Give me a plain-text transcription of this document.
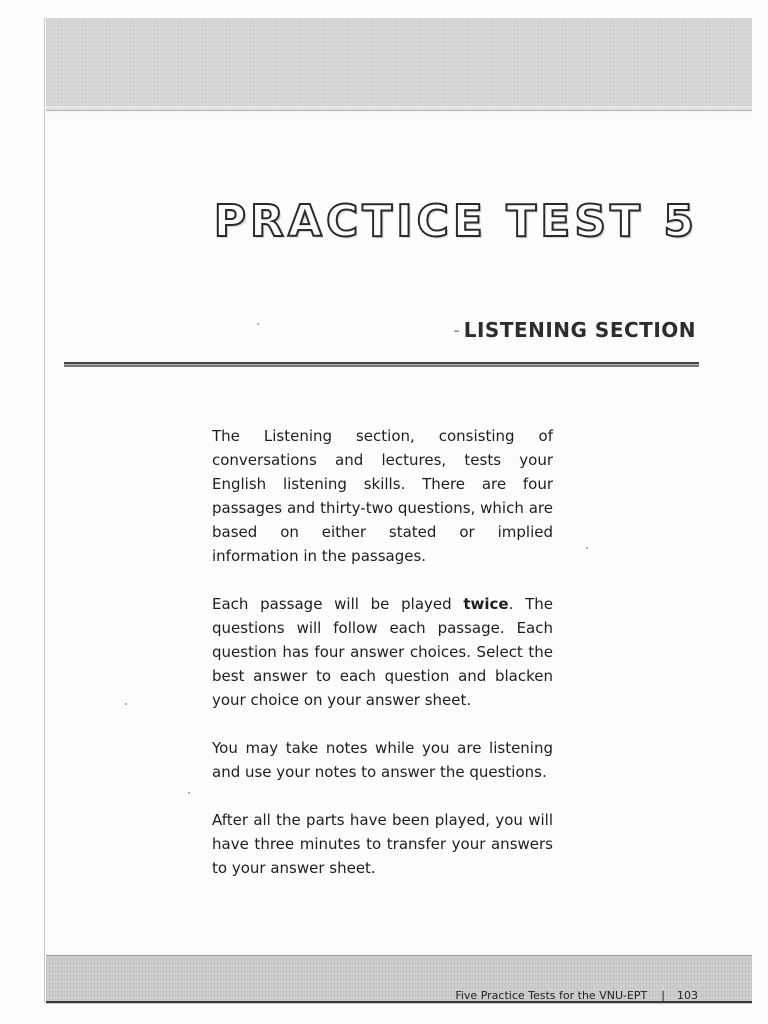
PRACTICE TEST 5
- LISTENING SECTION

The Listening section, consisting of conversations and lectures, tests your English listening skills. There are four passages and thirty-two questions, which are based on either stated or implied information in the passages.

Each passage will be played twice. The questions will follow each passage. Each question has four answer choices. Select the best answer to each question and blacken your choice on your answer sheet.

You may take notes while you are listening and use your notes to answer the questions.

After all the parts have been played, you will have three minutes to transfer your answers to your answer sheet.

Five Practice Tests for the VNU-EPT | 103
